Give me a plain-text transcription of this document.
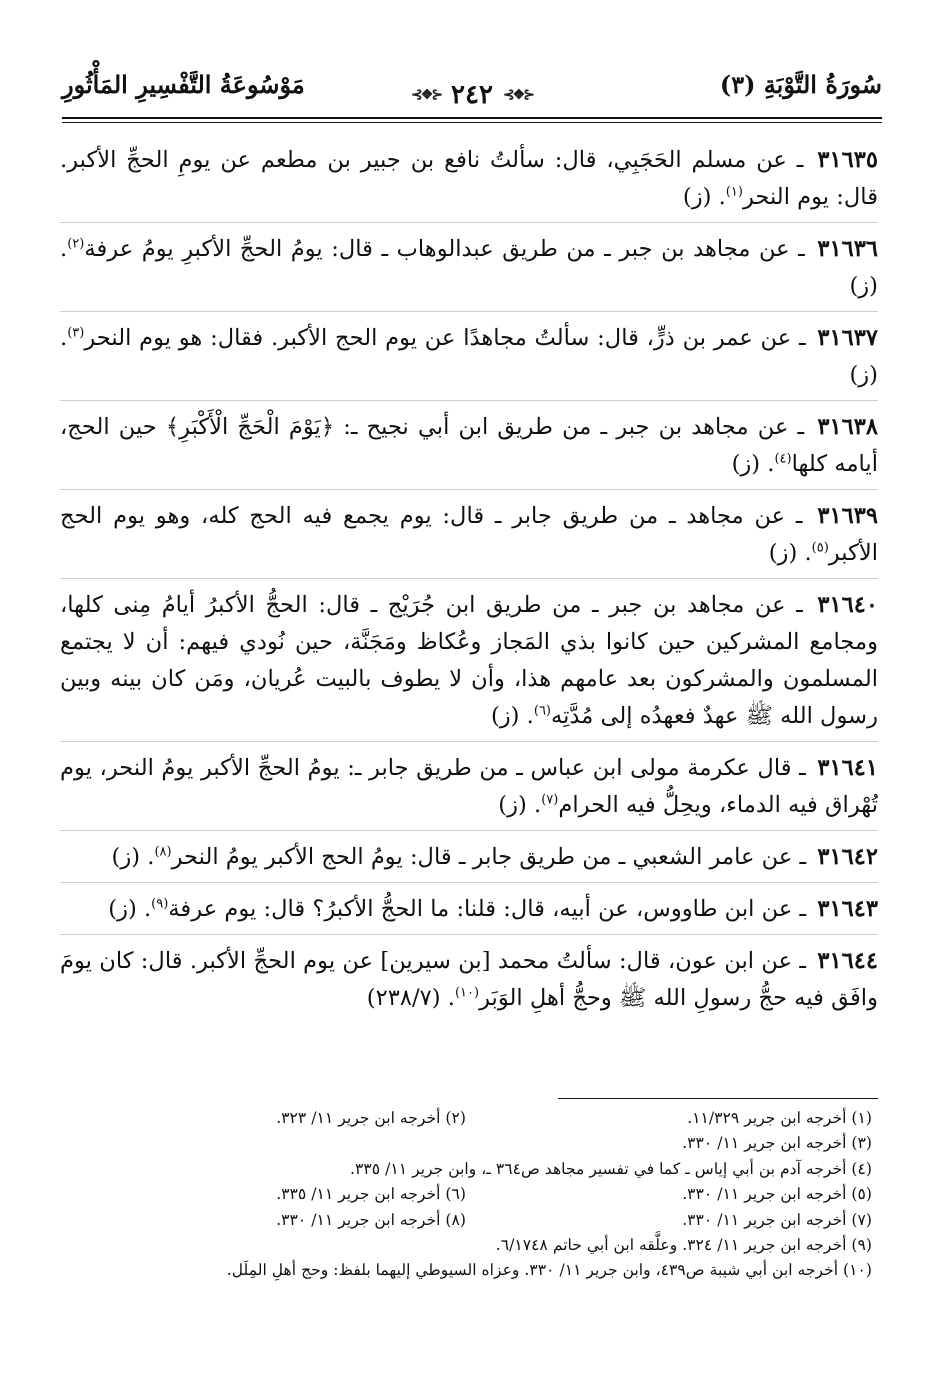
سُورَةُ التَّوْبَةِ (٣)
⊰❖⊱
٢٤٢
⊰❖⊱
مَوْسُوعَةُ التَّفْسِيرِ المَأْثُورِ
٣١٦٣٥ ـ عن مسلم الحَجَبِي، قال: سألتُ نافع بن جبير بن مطعم عن يومِ الحجِّ الأكبر. قال: يوم النحر$^{(١)}$. (ز)
٣١٦٣٦ ـ عن مجاهد بن جبر ـ من طريق عبدالوهاب ـ قال: يومُ الحجِّ الأكبرِ يومُ عرفة$^{(٢)}$. (ز)
٣١٦٣٧ ـ عن عمر بن ذرٍّ، قال: سألتُ مجاهدًا عن يوم الحج الأكبر. فقال: هو يوم النحر$^{(٣)}$. (ز)
٣١٦٣٨ ـ عن مجاهد بن جبر ـ من طريق ابن أبي نجيح ـ: ﴿يَوْمَ الْحَجِّ الْأَكْبَرِ﴾ حين الحج، أيامه كلها$^{(٤)}$. (ز)
٣١٦٣٩ ـ عن مجاهد ـ من طريق جابر ـ قال: يوم يجمع فيه الحج كله، وهو يوم الحج الأكبر$^{(٥)}$. (ز)
٣١٦٤٠ ـ عن مجاهد بن جبر ـ من طريق ابن جُرَيْج ـ قال: الحجُّ الأكبرُ أيامُ مِنى كلها، ومجامع المشركين حين كانوا بذي المَجاز وعُكاظ ومَجَنَّة، حين نُودي فيهم: أن لا يجتمع المسلمون والمشركون بعد عامهم هذا، وأن لا يطوف بالبيت عُريان، ومَن كان بينه وبين رسول الله ﷺ عهدٌ فعهدُه إلى مُدَّتِه$^{(٦)}$. (ز)
٣١٦٤١ ـ قال عكرمة مولى ابن عباس ـ من طريق جابر ـ: يومُ الحجِّ الأكبر يومُ النحر، يوم تُهْراق فيه الدماء، ويحِلُّ فيه الحرام$^{(٧)}$. (ز)
٣١٦٤٢ ـ عن عامر الشعبي ـ من طريق جابر ـ قال: يومُ الحج الأكبر يومُ النحر$^{(٨)}$. (ز)
٣١٦٤٣ ـ عن ابن طاووس، عن أبيه، قال: قلنا: ما الحجُّ الأكبرُ؟ قال: يوم عرفة$^{(٩)}$. (ز)
٣١٦٤٤ ـ عن ابن عون، قال: سألتُ محمد [بن سيرين] عن يوم الحجِّ الأكبر. قال: كان يومَ وافَق فيه حجُّ رسولِ الله ﷺ وحجُّ أهلِ الوَبَر$^{(١٠)}$. (٢٣٨/٧)
(١) أخرجه ابن جرير ١١/٣٢٩.
(٢) أخرجه ابن جرير ١١/ ٣٢٣.
(٣) أخرجه ابن جرير ١١/ ٣٣٠.
(٤) أخرجه آدم بن أبي إياس ـ كما في تفسير مجاهد ص٣٦٤ ـ، وابن جرير ١١/ ٣٣٥.
(٥) أخرجه ابن جرير ١١/ ٣٣٠.
(٦) أخرجه ابن جرير ١١/ ٣٣٥.
(٧) أخرجه ابن جرير ١١/ ٣٣٠.
(٨) أخرجه ابن جرير ١١/ ٣٣٠.
(٩) أخرجه ابن جرير ١١/ ٣٢٤. وعلَّقه ابن أبي حاتم ٦/١٧٤٨.
(١٠) أخرجه ابن أبي شيبة ص٤٣٩، وابن جرير ١١/ ٣٣٠. وعزاه السيوطي إليهما بلفظ: وحج أهلِ المِلَل.
